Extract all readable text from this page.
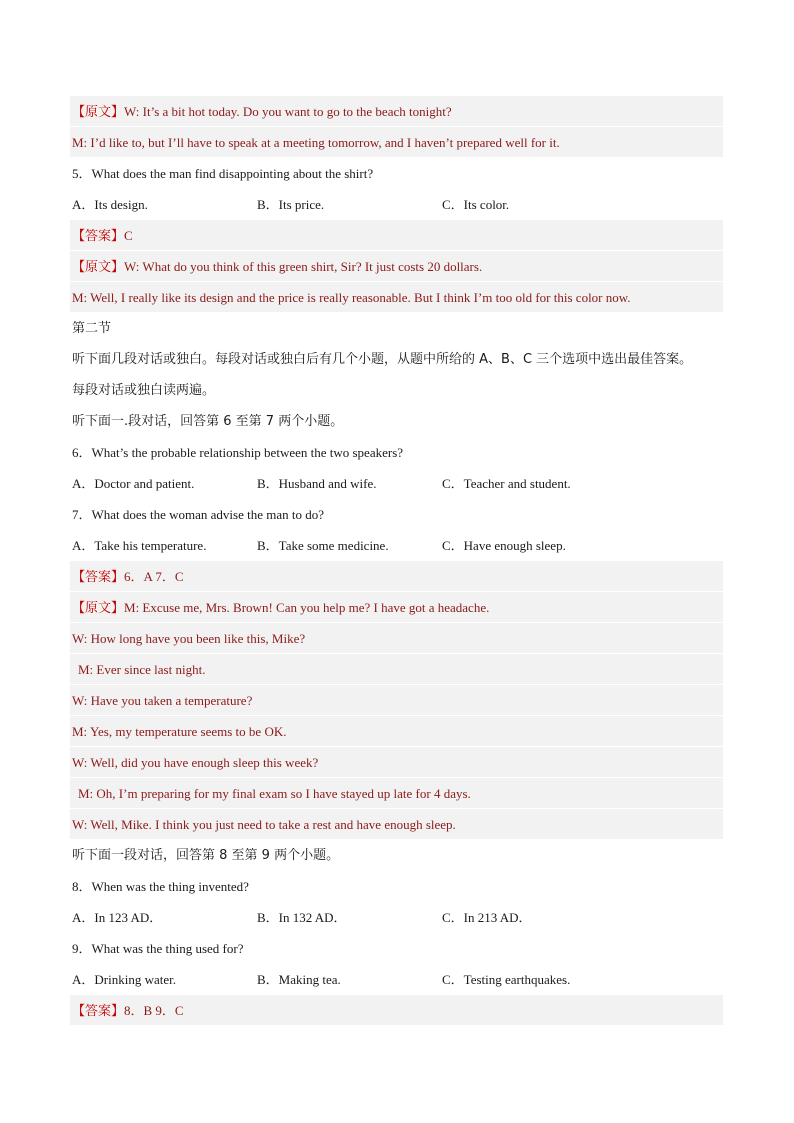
【原文】W: It’s a bit hot today. Do you want to go to the beach tonight?
M: I’d like to, but I’ll have to speak at a meeting tomorrow, and I haven’t prepared well for it.
5．What does the man find disappointing about the shirt?
A．Its design.	B．Its price.	C．Its color.
【答案】C
【原文】W: What do you think of this green shirt, Sir? It just costs 20 dollars.
M: Well, I really like its design and the price is really reasonable. But I think I’m too old for this color now.
第二节
听下面几段对话或独白。每段对话或独白后有几个小题，从题中所给的 A、B、C 三个选项中选出最佳答案。
每段对话或独白读两遍。
听下面一.段对话，回答第 6 至第 7 两个小题。
6．What’s the probable relationship between the two speakers?
A．Doctor and patient.	B．Husband and wife.	C．Teacher and student.
7．What does the woman advise the man to do?
A．Take his temperature.	B．Take some medicine.	C．Have enough sleep.
【答案】6．A 7．C
【原文】M: Excuse me, Mrs. Brown! Can you help me? I have got a headache.
W: How long have you been like this, Mike?
M: Ever since last night.
W: Have you taken a temperature?
M: Yes, my temperature seems to be OK.
W: Well, did you have enough sleep this week?
M: Oh, I’m preparing for my final exam so I have stayed up late for 4 days.
W: Well, Mike. I think you just need to take a rest and have enough sleep.
听下面一段对话，回答第 8 至第 9 两个小题。
8．When was the thing invented?
A．In 123 AD．	B．In 132 AD．	C．In 213 AD．
9．What was the thing used for?
A．Drinking water.	B．Making tea.	C．Testing earthquakes.
【答案】8．B 9．C
